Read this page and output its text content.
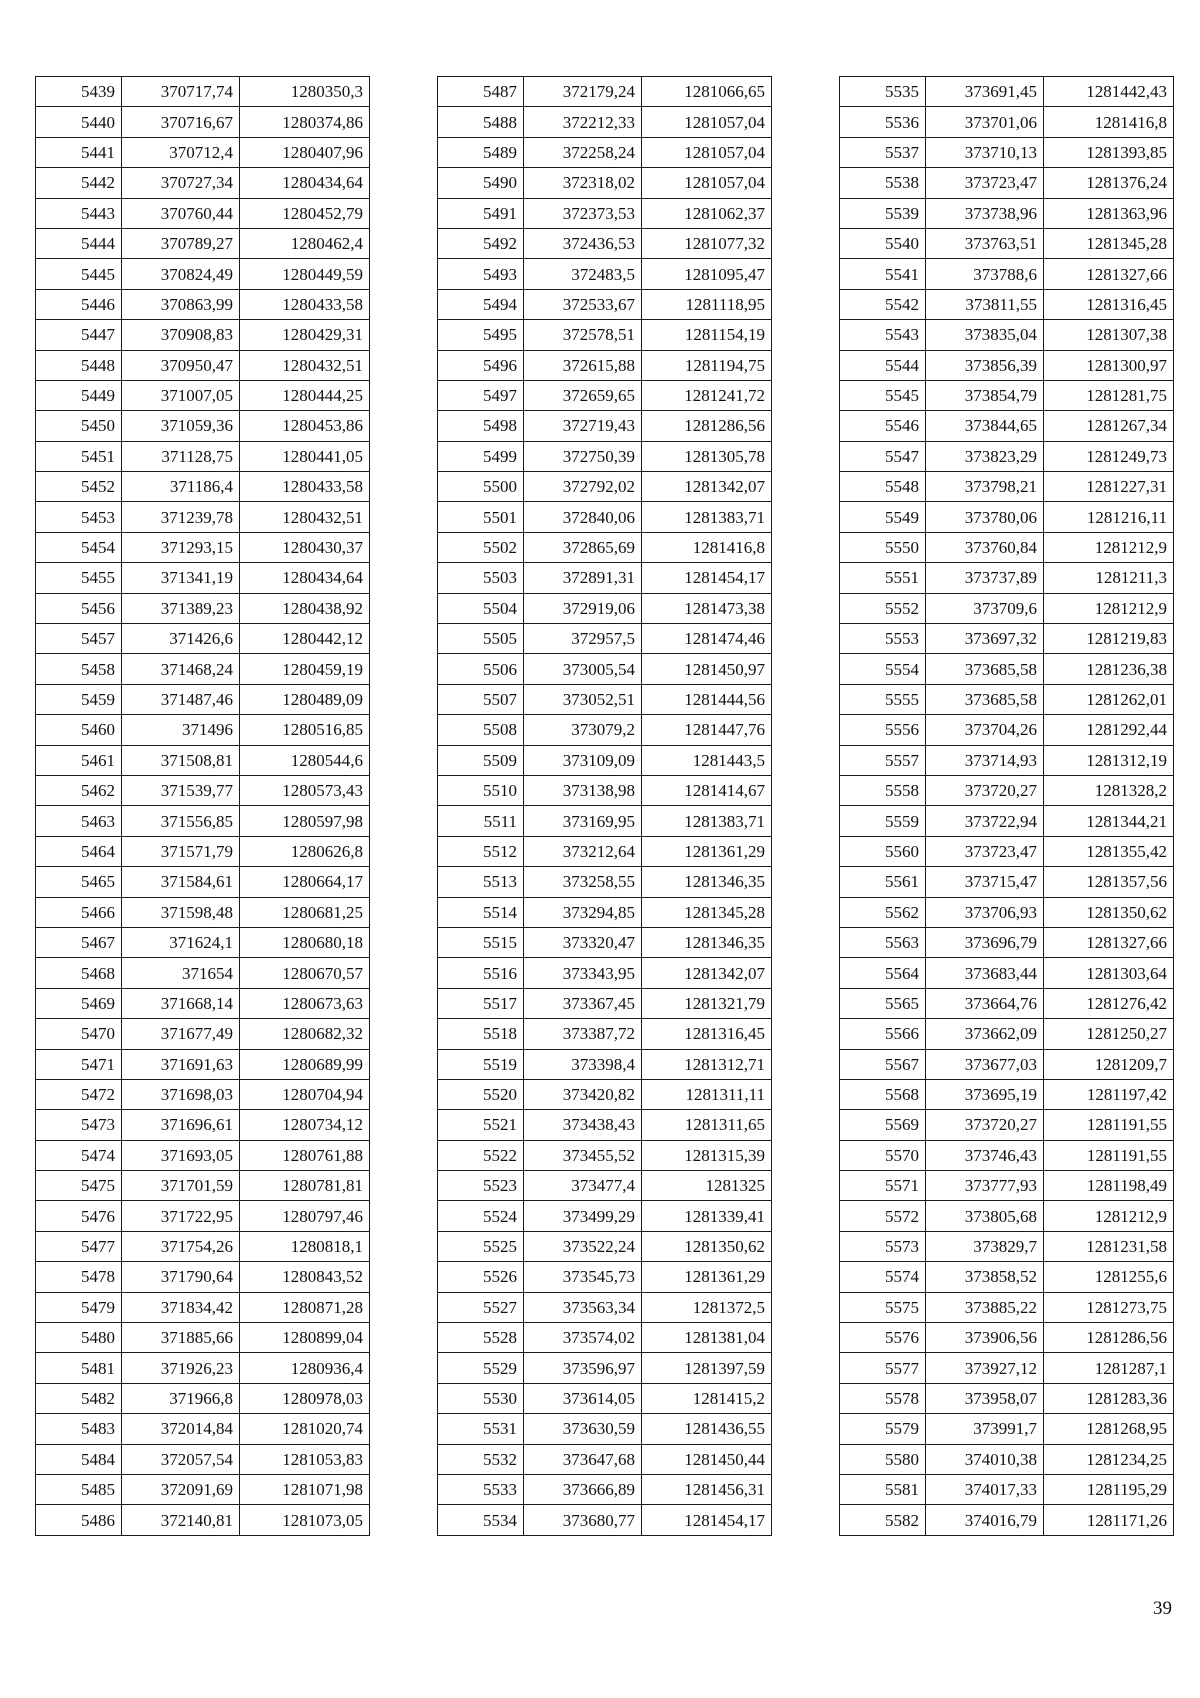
5439	370717,74	1280350,3
5440	370716,67	1280374,86
5441	370712,4	1280407,96
5442	370727,34	1280434,64
5443	370760,44	1280452,79
5444	370789,27	1280462,4
5445	370824,49	1280449,59
5446	370863,99	1280433,58
5447	370908,83	1280429,31
5448	370950,47	1280432,51
5449	371007,05	1280444,25
5450	371059,36	1280453,86
5451	371128,75	1280441,05
5452	371186,4	1280433,58
5453	371239,78	1280432,51
5454	371293,15	1280430,37
5455	371341,19	1280434,64
5456	371389,23	1280438,92
5457	371426,6	1280442,12
5458	371468,24	1280459,19
5459	371487,46	1280489,09
5460	371496	1280516,85
5461	371508,81	1280544,6
5462	371539,77	1280573,43
5463	371556,85	1280597,98
5464	371571,79	1280626,8
5465	371584,61	1280664,17
5466	371598,48	1280681,25
5467	371624,1	1280680,18
5468	371654	1280670,57
5469	371668,14	1280673,63
5470	371677,49	1280682,32
5471	371691,63	1280689,99
5472	371698,03	1280704,94
5473	371696,61	1280734,12
5474	371693,05	1280761,88
5475	371701,59	1280781,81
5476	371722,95	1280797,46
5477	371754,26	1280818,1
5478	371790,64	1280843,52
5479	371834,42	1280871,28
5480	371885,66	1280899,04
5481	371926,23	1280936,4
5482	371966,8	1280978,03
5483	372014,84	1281020,74
5484	372057,54	1281053,83
5485	372091,69	1281071,98
5486	372140,81	1281073,05
5487	372179,24	1281066,65
5488	372212,33	1281057,04
5489	372258,24	1281057,04
5490	372318,02	1281057,04
5491	372373,53	1281062,37
5492	372436,53	1281077,32
5493	372483,5	1281095,47
5494	372533,67	1281118,95
5495	372578,51	1281154,19
5496	372615,88	1281194,75
5497	372659,65	1281241,72
5498	372719,43	1281286,56
5499	372750,39	1281305,78
5500	372792,02	1281342,07
5501	372840,06	1281383,71
5502	372865,69	1281416,8
5503	372891,31	1281454,17
5504	372919,06	1281473,38
5505	372957,5	1281474,46
5506	373005,54	1281450,97
5507	373052,51	1281444,56
5508	373079,2	1281447,76
5509	373109,09	1281443,5
5510	373138,98	1281414,67
5511	373169,95	1281383,71
5512	373212,64	1281361,29
5513	373258,55	1281346,35
5514	373294,85	1281345,28
5515	373320,47	1281346,35
5516	373343,95	1281342,07
5517	373367,45	1281321,79
5518	373387,72	1281316,45
5519	373398,4	1281312,71
5520	373420,82	1281311,11
5521	373438,43	1281311,65
5522	373455,52	1281315,39
5523	373477,4	1281325
5524	373499,29	1281339,41
5525	373522,24	1281350,62
5526	373545,73	1281361,29
5527	373563,34	1281372,5
5528	373574,02	1281381,04
5529	373596,97	1281397,59
5530	373614,05	1281415,2
5531	373630,59	1281436,55
5532	373647,68	1281450,44
5533	373666,89	1281456,31
5534	373680,77	1281454,17
5535	373691,45	1281442,43
5536	373701,06	1281416,8
5537	373710,13	1281393,85
5538	373723,47	1281376,24
5539	373738,96	1281363,96
5540	373763,51	1281345,28
5541	373788,6	1281327,66
5542	373811,55	1281316,45
5543	373835,04	1281307,38
5544	373856,39	1281300,97
5545	373854,79	1281281,75
5546	373844,65	1281267,34
5547	373823,29	1281249,73
5548	373798,21	1281227,31
5549	373780,06	1281216,11
5550	373760,84	1281212,9
5551	373737,89	1281211,3
5552	373709,6	1281212,9
5553	373697,32	1281219,83
5554	373685,58	1281236,38
5555	373685,58	1281262,01
5556	373704,26	1281292,44
5557	373714,93	1281312,19
5558	373720,27	1281328,2
5559	373722,94	1281344,21
5560	373723,47	1281355,42
5561	373715,47	1281357,56
5562	373706,93	1281350,62
5563	373696,79	1281327,66
5564	373683,44	1281303,64
5565	373664,76	1281276,42
5566	373662,09	1281250,27
5567	373677,03	1281209,7
5568	373695,19	1281197,42
5569	373720,27	1281191,55
5570	373746,43	1281191,55
5571	373777,93	1281198,49
5572	373805,68	1281212,9
5573	373829,7	1281231,58
5574	373858,52	1281255,6
5575	373885,22	1281273,75
5576	373906,56	1281286,56
5577	373927,12	1281287,1
5578	373958,07	1281283,36
5579	373991,7	1281268,95
5580	374010,38	1281234,25
5581	374017,33	1281195,29
5582	374016,79	1281171,26
39
